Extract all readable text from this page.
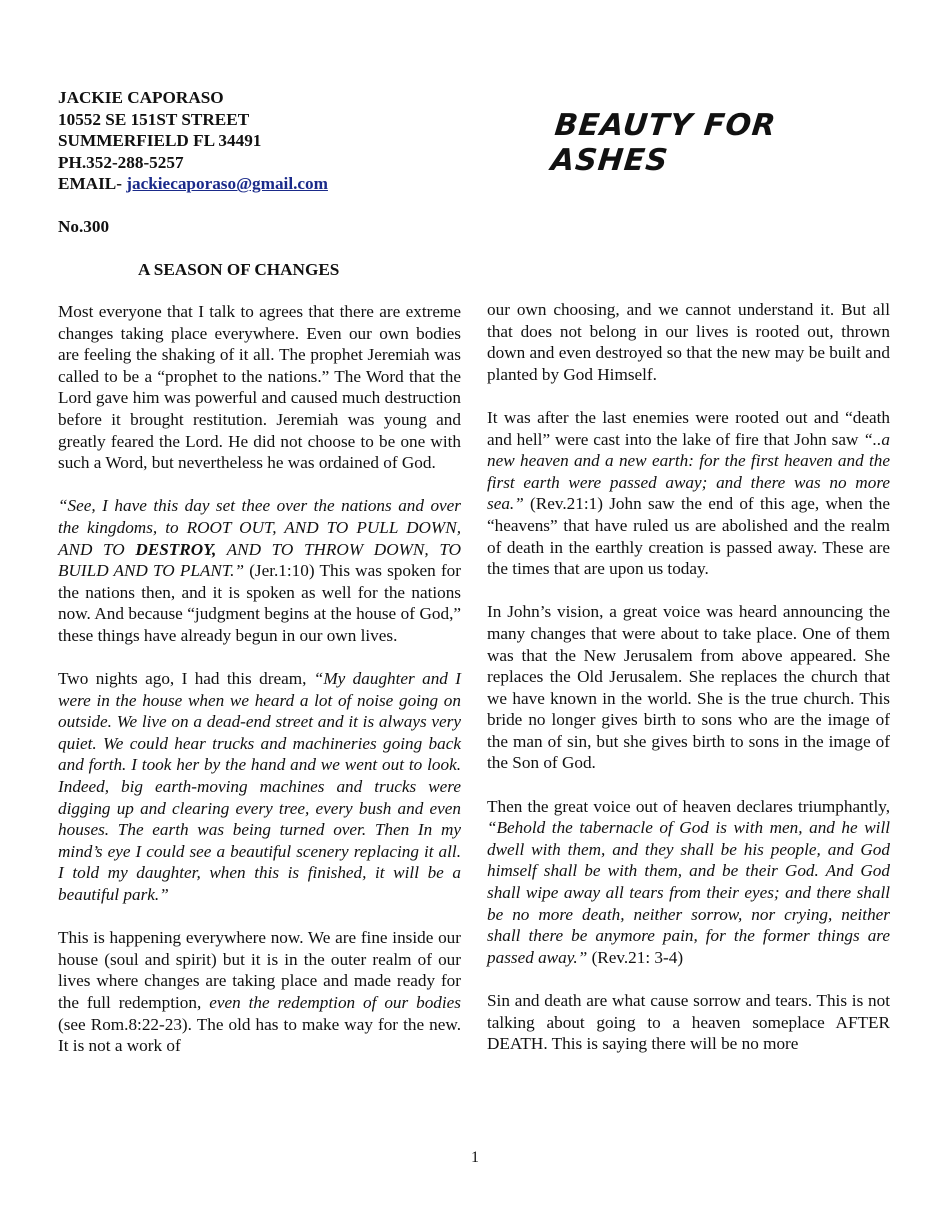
JACKIE CAPORASO
10552 SE 151ST STREET
SUMMERFIELD FL 34491
PH.352-288-5257
EMAIL- jackiecaporaso@gmail.com
BEAUTY FOR ASHES
No.300
A SEASON OF CHANGES

Most everyone that I talk to agrees that there are extreme changes taking place everywhere. Even our own bodies are feeling the shaking of it all. The prophet Jeremiah was called to be a “prophet to the nations.” The Word that the Lord gave him was powerful and caused much destruction before it brought restitution. Jeremiah was young and greatly feared the Lord. He did not choose to be one with such a Word, but nevertheless he was ordained of God.

“See, I have this day set thee over the nations and over the kingdoms, to ROOT OUT, AND TO PULL DOWN, AND TO DESTROY, AND TO THROW DOWN, TO BUILD AND TO PLANT.” (Jer.1:10) This was spoken for the nations then, and it is spoken as well for the nations now. And because “judgment begins at the house of God,” these things have already begun in our own lives.

Two nights ago, I had this dream, “My daughter and I were in the house when we heard a lot of noise going on outside. We live on a dead-end street and it is always very quiet. We could hear trucks and machineries going back and forth. I took her by the hand and we went out to look. Indeed, big earth-moving machines and trucks were digging up and clearing every tree, every bush and even houses. The earth was being turned over. Then In my mind’s eye I could see a beautiful scenery replacing it all. I told my daughter, when this is finished, it will be a beautiful park.”

This is happening everywhere now. We are fine inside our house (soul and spirit) but it is in the outer realm of our lives where changes are taking place and made ready for the full redemption, even the redemption of our bodies (see Rom.8:22-23). The old has to make way for the new. It is not a work of

our own choosing, and we cannot understand it. But all that does not belong in our lives is rooted out, thrown down and even destroyed so that the new may be built and planted by God Himself.

It was after the last enemies were rooted out and “death and hell” were cast into the lake of fire that John saw “..a new heaven and a new earth: for the first heaven and the first earth were passed away; and there was no more sea.” (Rev.21:1) John saw the end of this age, when the “heavens” that have ruled us are abolished and the realm of death in the earthly creation is passed away. These are the times that are upon us today.

In John’s vision, a great voice was heard announcing the many changes that were about to take place. One of them was that the New Jerusalem from above appeared. She replaces the Old Jerusalem. She replaces the church that we have known in the world. She is the true church. This bride no longer gives birth to sons who are the image of the man of sin, but she gives birth to sons in the image of the Son of God.

Then the great voice out of heaven declares triumphantly, “Behold the tabernacle of God is with men, and he will dwell with them, and they shall be his people, and God himself shall be with them, and be their God. And God shall wipe away all tears from their eyes; and there shall be no more death, neither sorrow, nor crying, neither shall there be anymore pain, for the former things are passed away.” (Rev.21: 3-4)

Sin and death are what cause sorrow and tears. This is not talking about going to a heaven someplace AFTER DEATH. This is saying there will be no more

1
